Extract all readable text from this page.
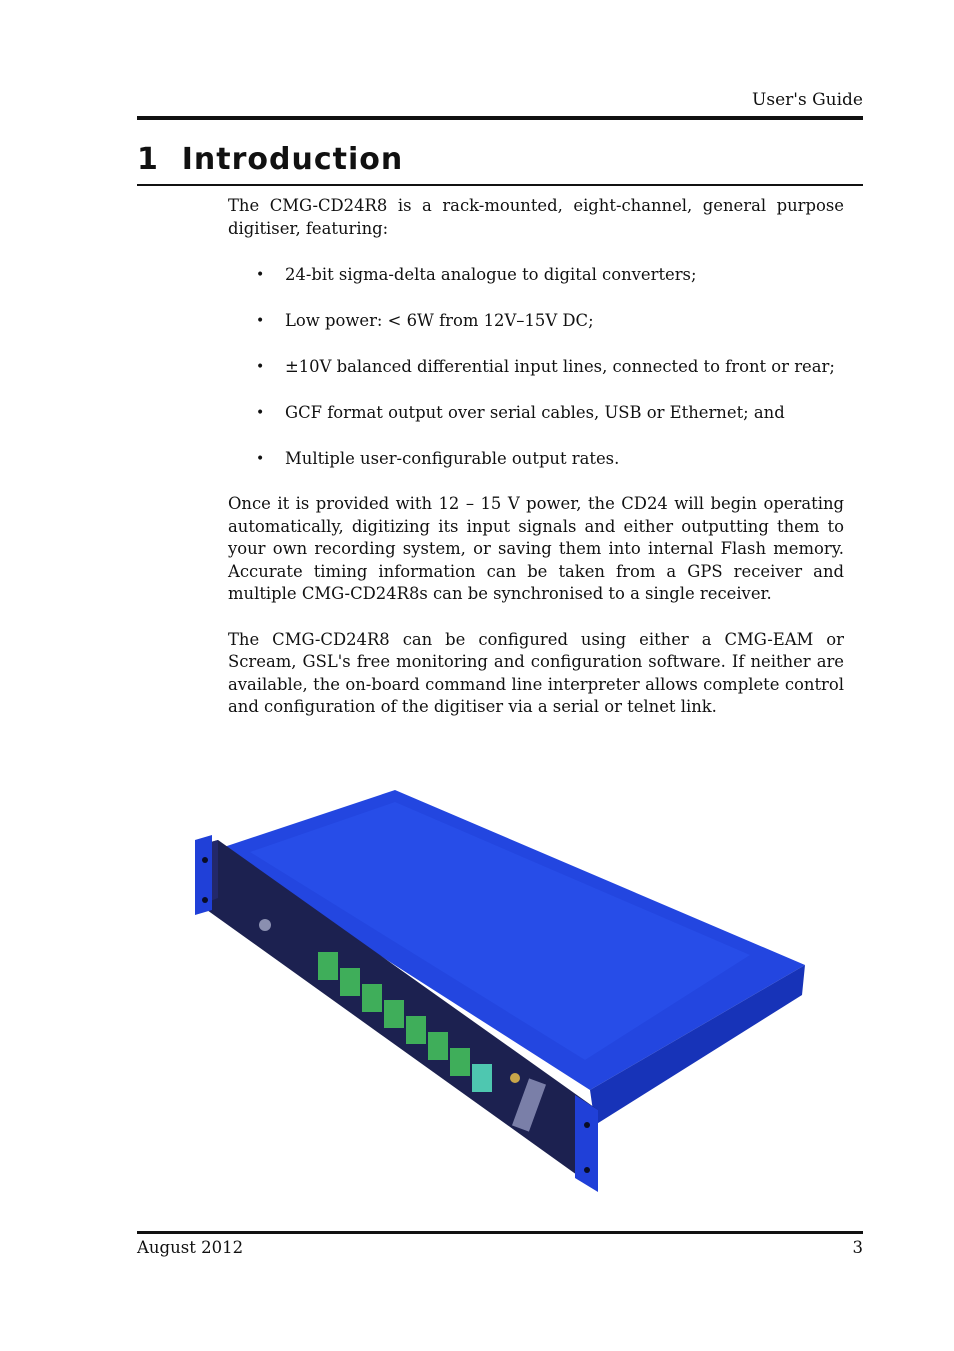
User's Guide
1 Introduction

The CMG-CD24R8 is a rack-mounted, eight-channel, general purpose digitiser, featuring:

• 24-bit sigma-delta analogue to digital converters;
• Low power: < 6W from 12V–15V DC;
• ±10V balanced differential input lines, connected to front or rear;
• GCF format output over serial cables, USB or Ethernet; and
• Multiple user-configurable output rates.

Once it is provided with 12 – 15 V power, the CD24 will begin operating automatically, digitizing its input signals and either outputting them to your own recording system, or saving them into internal Flash memory. Accurate timing information can be taken from a GPS receiver and multiple CMG-CD24R8s can be synchronised to a single receiver.

The CMG-CD24R8 can be configured using either a CMG-EAM or Scream, GSL's free monitoring and configuration software. If neither are available, the on-board command line interpreter allows complete control and configuration of the digitiser via a serial or telnet link.

August 2012	3
